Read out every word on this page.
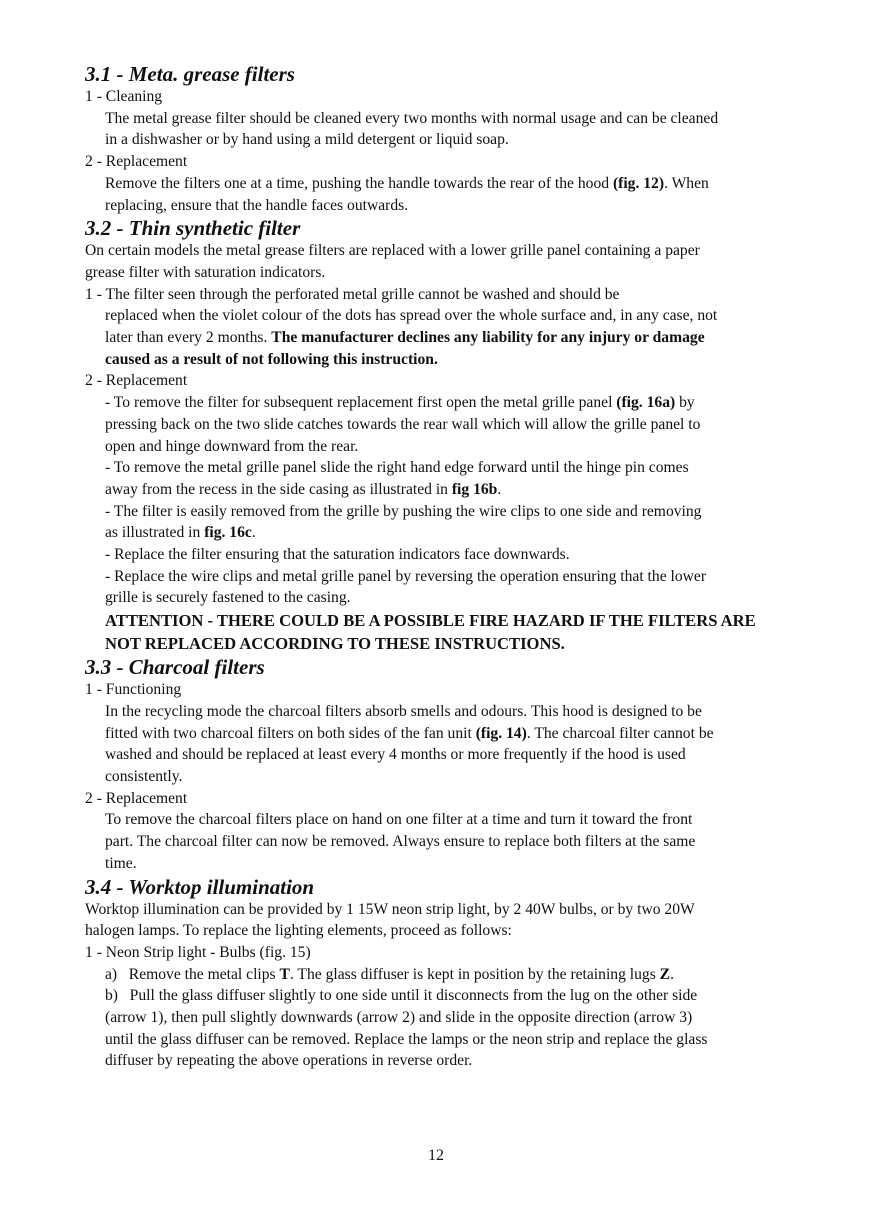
3.1 - Meta. grease filters
1 - Cleaning
The metal grease filter should be cleaned every two months with normal usage and can be cleaned
in a dishwasher or by hand using a mild detergent or liquid soap.
2 - Replacement
Remove the filters one at a time, pushing the handle towards the rear of the hood (fig. 12). When
replacing, ensure that the handle faces outwards.
3.2 - Thin synthetic filter
On certain models the metal grease filters are replaced with a lower grille panel containing a paper
grease filter with saturation indicators.
1 - The filter seen through the perforated metal grille cannot be washed and should be
replaced when the violet colour of the dots has spread over the whole surface and, in any case, not
later than every 2 months. The manufacturer declines any liability for any injury or damage
caused as a result of not following this instruction.
2 - Replacement
- To remove the filter for subsequent replacement first open the metal grille panel (fig. 16a) by
pressing back on the two slide catches towards the rear wall which will allow the grille panel to
open and hinge downward from the rear.
- To remove the metal grille panel slide the right hand edge forward until the hinge pin comes
away from the recess in the side casing as illustrated in fig 16b.
- The filter is easily removed from the grille by pushing the wire clips to one side and removing
as illustrated in fig. 16c.
- Replace the filter ensuring that the saturation indicators face downwards.
- Replace the wire clips and metal grille panel by reversing the operation ensuring that the lower
grille is securely fastened to the casing.
ATTENTION - THERE COULD BE A POSSIBLE FIRE HAZARD IF THE FILTERS ARE
NOT REPLACED ACCORDING TO THESE INSTRUCTIONS.
3.3 - Charcoal filters
1 - Functioning
In the recycling mode the charcoal filters absorb smells and odours. This hood is designed to be
fitted with two charcoal filters on both sides of the fan unit (fig. 14). The charcoal filter cannot be
washed and should be replaced at least every 4 months or more frequently if the hood is used
consistently.
2 - Replacement
To remove the charcoal filters place on hand on one filter at a time and turn it toward the front
part. The charcoal filter can now be removed. Always ensure to replace both filters at the same
time.
3.4 - Worktop illumination
Worktop illumination can be provided by 1 15W neon strip light, by 2 40W bulbs, or by two 20W
halogen lamps. To replace the lighting elements, proceed as follows:
1 - Neon Strip light - Bulbs (fig. 15)
a)   Remove the metal clips T. The glass diffuser is kept in position by the retaining lugs Z.
b)   Pull the glass diffuser slightly to one side until it disconnects from the lug on the other side
(arrow 1), then pull slightly downwards (arrow 2) and slide in the opposite direction (arrow 3)
until the glass diffuser can be removed. Replace the lamps or the neon strip and replace the glass
diffuser by repeating the above operations in reverse order.
12
